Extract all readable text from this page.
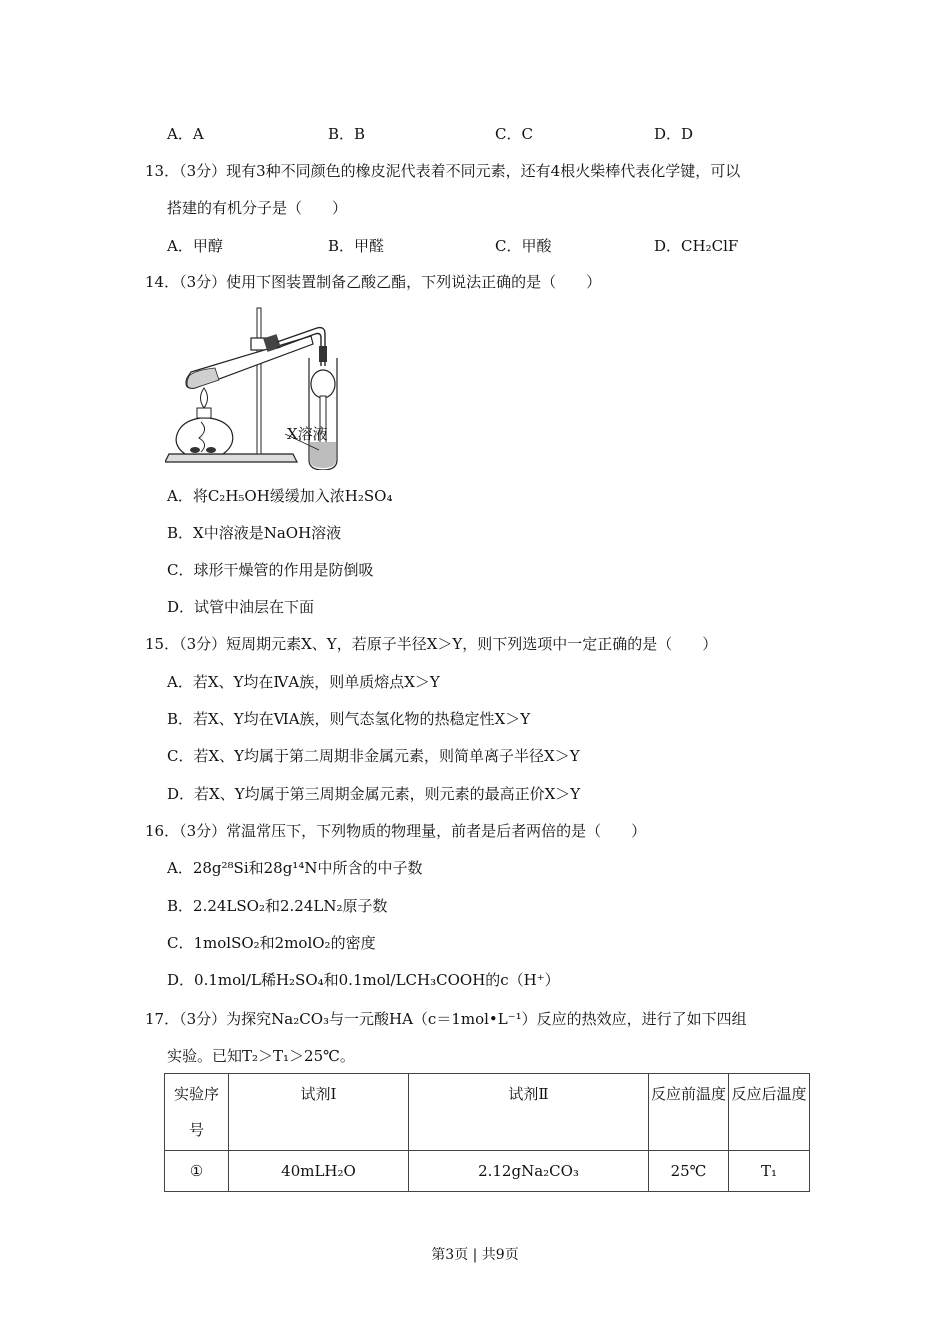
A．A	B．B	C．C	D．D
13．（3分）现有3种不同颜色的橡皮泥代表着不同元素，还有4根火柴棒代表化学键，可以
搭建的有机分子是（　　）
A．甲醇	B．甲醛	C．甲酸	D．CH₂ClF
14．（3分）使用下图装置制备乙酸乙酯，下列说法正确的是（　　）
X溶液
A．将C₂H₅OH缓缓加入浓H₂SO₄
B．X中溶液是NaOH溶液
C．球形干燥管的作用是防倒吸
D．试管中油层在下面
15．（3分）短周期元素X、Y，若原子半径X＞Y，则下列选项中一定正确的是（　　）
A．若X、Y均在ⅣA族，则单质熔点X＞Y
B．若X、Y均在ⅥA族，则气态氢化物的热稳定性X＞Y
C．若X、Y均属于第二周期非金属元素，则简单离子半径X＞Y
D．若X、Y均属于第三周期金属元素，则元素的最高正价X＞Y
16．（3分）常温常压下，下列物质的物理量，前者是后者两倍的是（　　）
A．28g²⁸Si和28g¹⁴N中所含的中子数
B．2.24LSO₂和2.24LN₂原子数
C．1molSO₂和2molO₂的密度
D．0.1mol/L稀H₂SO₄和0.1mol/LCH₃COOH的c（H⁺）
17．（3分）为探究Na₂CO₃与一元酸HA（c＝1mol•L⁻¹）反应的热效应，进行了如下四组
实验。已知T₂＞T₁＞25℃。
实验序号	试剂Ⅰ	试剂Ⅱ	反应前温度	反应后温度
①	40mLH₂O	2.12gNa₂CO₃	25℃	T₁
第3页 | 共9页
